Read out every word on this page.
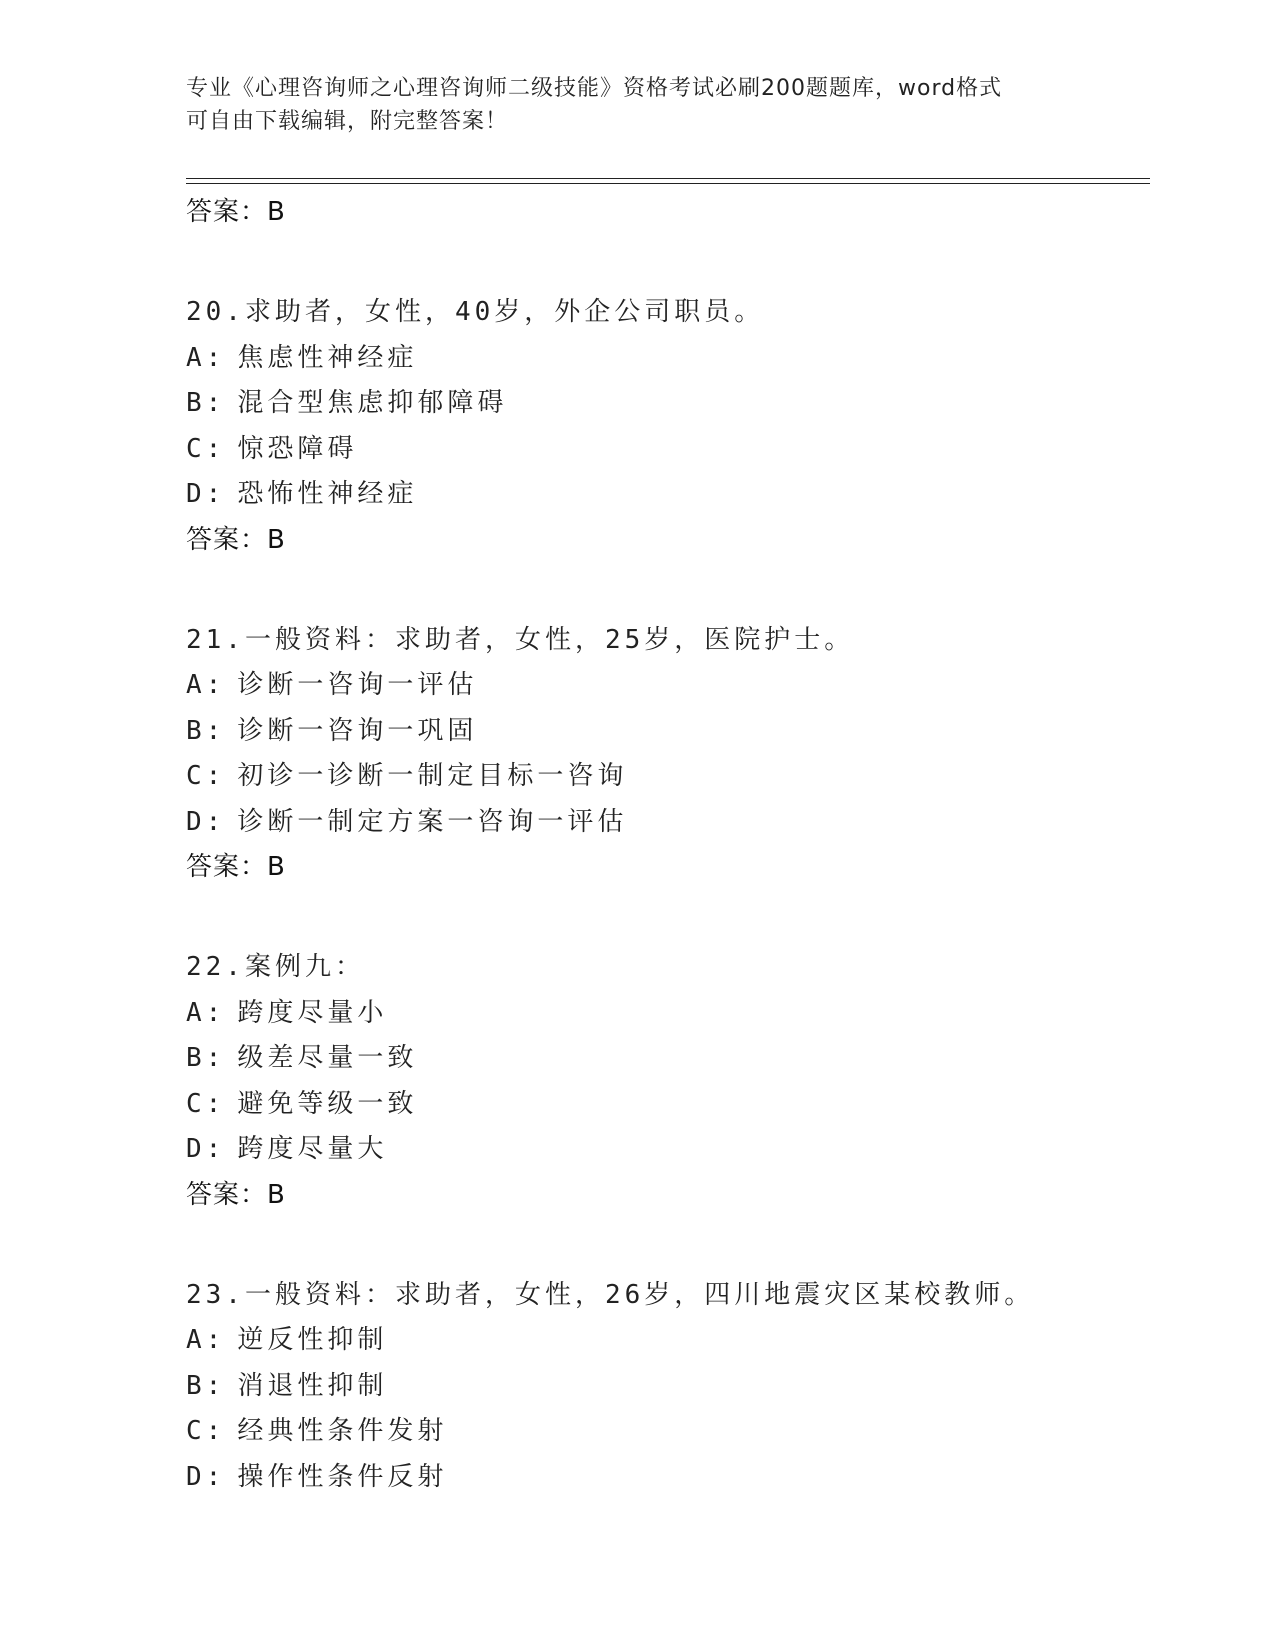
专业《心理咨询师之心理咨询师二级技能》资格考试必刷200题题库，word格式
可自由下载编辑，附完整答案！
答案：B
20.求助者，女性，40岁，外企公司职员。
A: 焦虑性神经症
B: 混合型焦虑抑郁障碍
C: 惊恐障碍
D: 恐怖性神经症
答案：B
21.一般资料：求助者，女性，25岁，医院护士。
A: 诊断一咨询一评估
B: 诊断一咨询一巩固
C: 初诊一诊断一制定目标一咨询
D: 诊断一制定方案一咨询一评估
答案：B
22.案例九：
A: 跨度尽量小
B: 级差尽量一致
C: 避免等级一致
D: 跨度尽量大
答案：B
23.一般资料：求助者，女性，26岁，四川地震灾区某校教师。
A: 逆反性抑制
B: 消退性抑制
C: 经典性条件发射
D: 操作性条件反射
